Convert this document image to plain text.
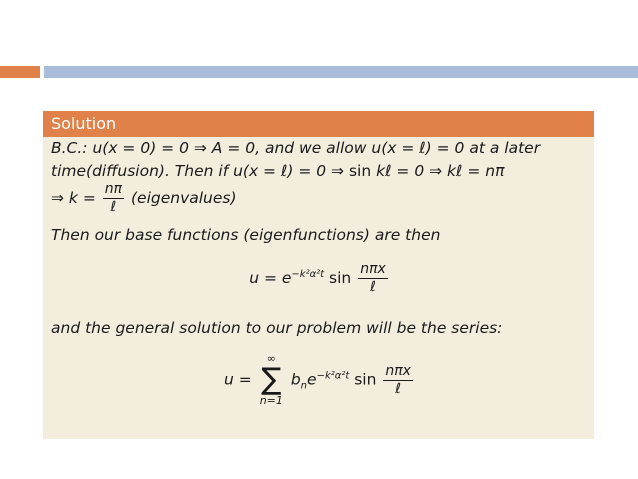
Solution
B.C.: u(x = 0) = 0 ⇒ A = 0, and we allow u(x = ℓ) = 0 at a later
time(diffusion). Then if u(x = ℓ) = 0 ⇒ sin kℓ = 0 ⇒ kℓ = nπ
⇒ $k = \frac{n\pi}{\text{ℓ}}$ (eigenvalues)
Then our base functions (eigenfunctions) are then
$u = e^{-k^2\alpha^2t}$ $\sin \frac{\text{nπx}}{\text{ℓ}}$
and the general solution to our problem will be the series:
u =
∞
∑
n=1
$b_ne^{-k^2\alpha^2t}$ $\sin \frac{\text{nπx}}{\text{ℓ}}$
